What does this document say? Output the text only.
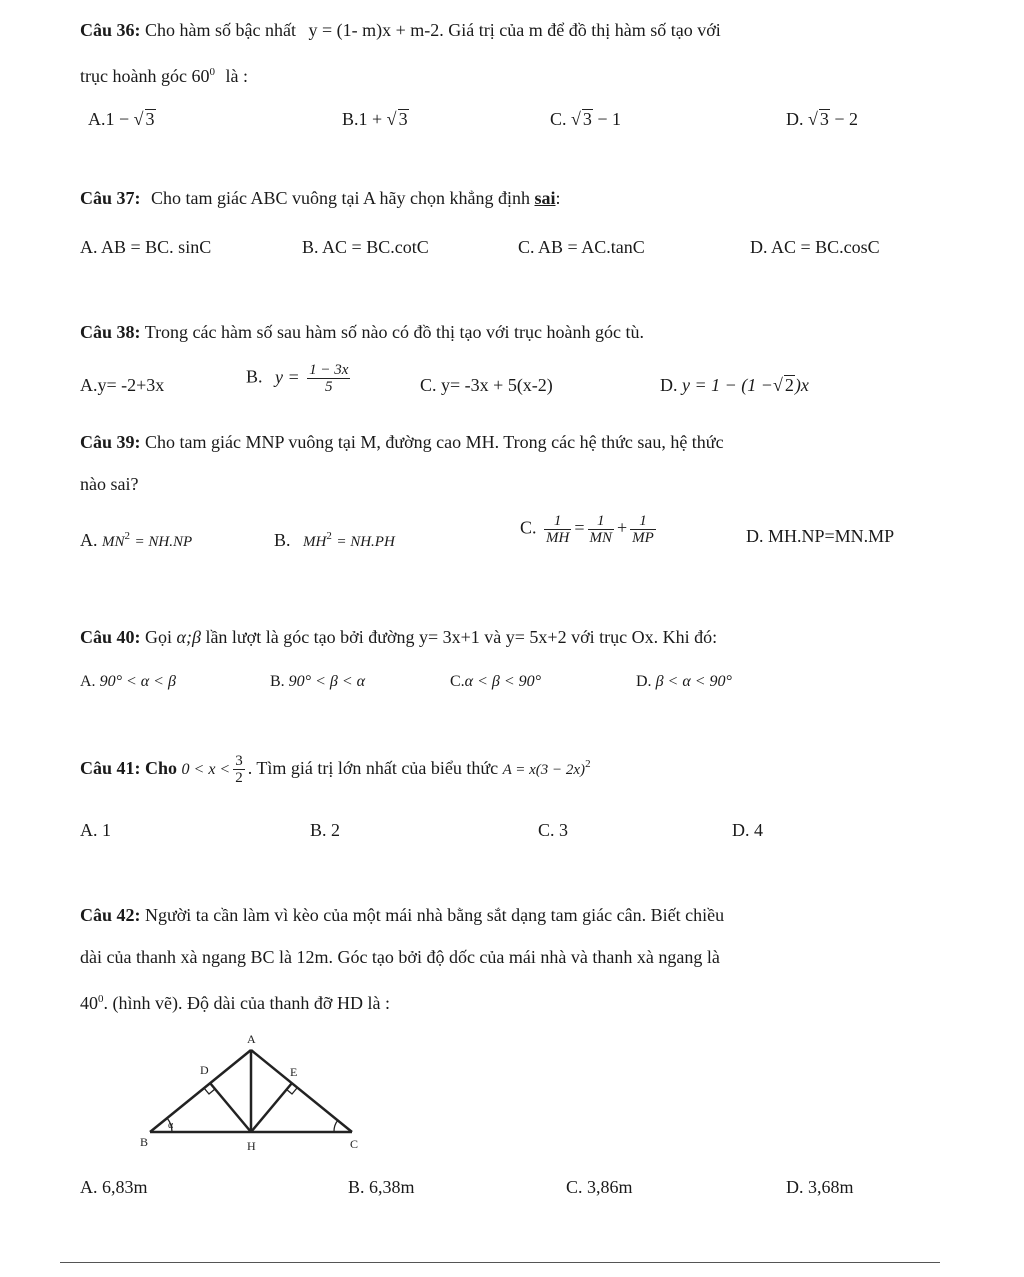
Câu 36: Cho hàm số bậc nhất y = (1- m)x + m-2. Giá trị của m để đồ thị hàm số tạo với
trục hoành góc $60^0$ là :
A.1 − √ 3	B.1 + √ 3	C. √ 3 − 1	D. √ 3 − 2
Câu 37: Cho tam giác ABC vuông tại A hãy chọn khẳng định sai:
A. AB = BC. sinC	B. AC = BC.cotC	C. AB = AC.tanC	D. AC = BC.cosC
Câu 38: Trong các hàm số sau hàm số nào có đồ thị tạo với trục hoành góc tù.
A.y= -2+3x	B. $y = \frac{1 - 3x}{5}$	C. y= -3x + 5(x-2)	D. y = 1 − (1 −√ 2)x
Câu 39: Cho tam giác MNP vuông tại M, đường cao MH. Trong các hệ thức sau, hệ thức
nào sai?
A. $MN^2 = NH.NP$	B. $MH^2 = NH.PH$
C. $\frac{1}{MH} = \frac{1}{MN} + \frac{1}{MP}$	D. MH.NP=MN.MP
Câu 40: Gọi α;β lần lượt là góc tạo bởi đường y= 3x+1 và y= 5x+2 với trục Ox. Khi đó:
A. 90° < α < β	B. 90° < β < α	C.α < β < 90°	D. β < α < 90°
Câu 41: Cho $0 < x < \frac{3}{2}$ . Tìm giá trị lớn nhất của biểu thức $A = x(3 - 2x)^2$
A. 1	B. 2	C. 3	D. 4
Câu 42: Người ta cần làm vì kèo của một mái nhà bằng sắt dạng tam giác cân. Biết chiều
dài của thanh xà ngang BC là 12m. Góc tạo bởi độ dốc của mái nhà và thanh xà ngang là
$40^0$. (hình vẽ). Độ dài của thanh đỡ HD là :
A
D	E
B	H	C
α
A. 6,83m	B. 6,38m	C. 3,86m	D. 3,68m
